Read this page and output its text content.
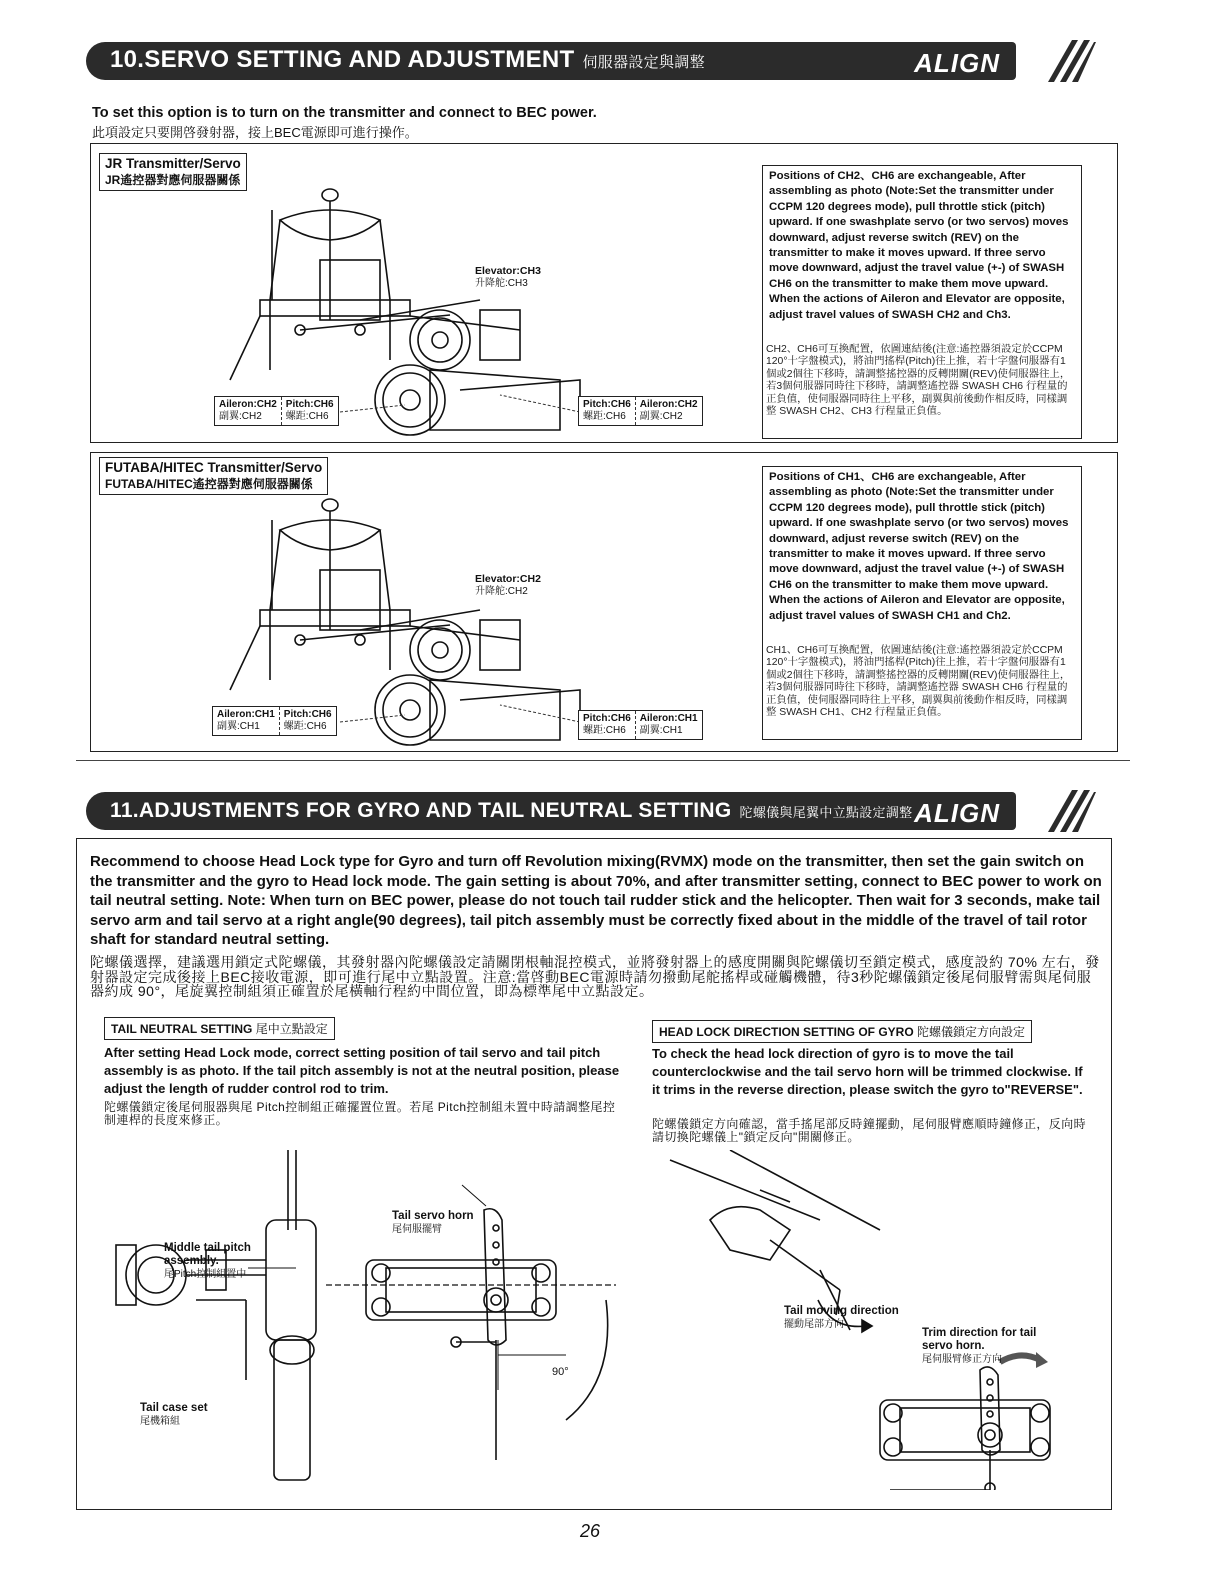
10.SERVO SETTING AND ADJUSTMENT 伺服器設定與調整	ALIGN
To set this option is to turn on the transmitter and connect to BEC power.
此項設定只要開啓發射器，接上BEC電源即可進行操作。
JR Transmitter/Servo
JR遙控器對應伺服器關係
Elevator:CH3
升降舵:CH3
Aileron:CH2
副翼:CH2
Pitch:CH6
螺距:CH6
Pitch:CH6
螺距:CH6
Aileron:CH2
副翼:CH2
Positions of CH2、CH6 are exchangeable, After assembling as photo (Note:Set the transmitter under CCPM 120 degrees mode), pull throttle stick (pitch) upward. If one swashplate servo (or two servos) moves downward, adjust reverse switch (REV) on the transmitter to make it moves upward. If three servo move downward, adjust the travel value (+-) of SWASH CH6 on the transmitter to make them move upward. When the actions of Aileron and Elevator are opposite, adjust travel values of SWASH CH2 and Ch3.
CH2、CH6可互換配置，依圖連結後(注意:遙控器須設定於CCPM 120°十字盤模式)，將油門搖桿(Pitch)往上推，若十字盤伺服器有1個或2個往下移時，請調整搖控器的反轉開關(REV)使伺服器往上，若3個伺服器同時往下移時，請調整遙控器 SWASH CH6 行程量的正負值，使伺服器同時往上平移，副翼與前後動作相反時，同樣調整 SWASH CH2、CH3 行程量正負值。
FUTABA/HITEC Transmitter/Servo
FUTABA/HITEC遙控器對應伺服器關係
Elevator:CH2
升降舵:CH2
Aileron:CH1
副翼:CH1
Pitch:CH6
螺距:CH6
Pitch:CH6
螺距:CH6
Aileron:CH1
副翼:CH1
Positions of CH1、CH6 are exchangeable, After assembling as photo (Note:Set the transmitter under CCPM 120 degrees mode), pull throttle stick (pitch) upward. If one swashplate servo (or two servos) moves downward, adjust reverse switch (REV) on the transmitter to make it moves upward. If three servo move downward, adjust the travel value (+-) of SWASH CH6 on the transmitter to make them move upward. When the actions of Aileron and Elevator are opposite, adjust travel values of SWASH CH1 and Ch2.
CH1、CH6可互換配置，依圖連結後(注意:遙控器須設定於CCPM 120°十字盤模式)，將油門搖桿(Pitch)往上推，若十字盤伺服器有1個或2個往下移時，請調整搖控器的反轉開關(REV)使伺服器往上，若3個伺服器同時往下移時，請調整遙控器 SWASH CH6 行程量的正負值，使伺服器同時往上平移，副翼與前後動作相反時，同樣調整 SWASH CH1、CH2 行程量正負值。
11.ADJUSTMENTS FOR GYRO AND TAIL NEUTRAL SETTING 陀螺儀與尾翼中立點設定調整 ALIGN
Recommend to choose Head Lock type for Gyro and turn off Revolution mixing(RVMX) mode on the transmitter, then set the gain switch on the transmitter and the gyro to Head lock mode. The gain setting is about 70%, and after transmitter setting, connect to BEC power to work on tail neutral setting. Note: When turn on BEC power, please do not touch tail rudder stick and the helicopter. Then wait for 3 seconds, make tail servo arm and tail servo at a right angle(90 degrees), tail pitch assembly must be correctly fixed about in the middle of the travel of tail rotor shaft for standard neutral setting.
陀螺儀選擇，建議選用鎖定式陀螺儀，其發射器內陀螺儀設定請關閉根軸混控模式，並將發射器上的感度開關與陀螺儀切至鎖定模式，感度設約 70% 左右，發射器設定完成後接上BEC接收電源，即可進行尾中立點設置。注意:當啓動BEC電源時請勿撥動尾舵搖桿或碰觸機體，待3秒陀螺儀鎖定後尾伺服臂需與尾伺服器約成 90°，尾旋翼控制組須正確置於尾橫軸行程約中間位置，即為標準尾中立點設定。
TAIL NEUTRAL SETTING 尾中立點設定
After setting Head Lock mode, correct setting position of tail servo and tail pitch assembly is as photo. If the tail pitch assembly is not at the neutral position, please adjust the length of rudder control rod to trim.
陀螺儀鎖定後尾伺服器與尾 Pitch控制組正確擺置位置。若尾 Pitch控制組未置中時請調整尾控制連桿的長度來修正。
Middle tail pitch assembly.
尾Pitch控制組置中
Tail case set
尾機箱組
Tail servo horn
尾伺服擺臂
90°
HEAD LOCK DIRECTION SETTING OF GYRO 陀螺儀鎖定方向設定
To check the head lock direction of gyro is to move the tail counterclockwise and the tail servo horn will be trimmed clockwise. If it trims in the reverse direction, please switch the gyro to"REVERSE".
陀螺儀鎖定方向確認，當手搖尾部反時鐘擺動，尾伺服臂應順時鐘修正，反向時請切換陀螺儀上"鎖定反向"開關修正。
Tail moving direction
擺動尾部方向
Trim direction for tail servo horn.
尾伺服臂修正方向
26
